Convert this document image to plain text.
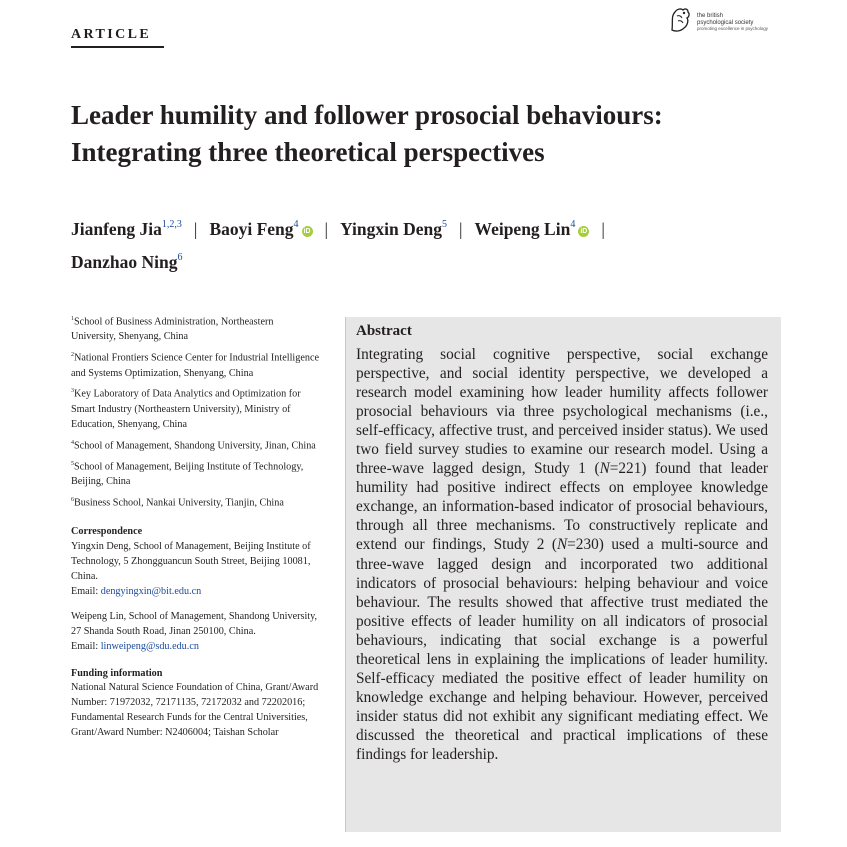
ARTICLE
the british
psychological society
promoting excellence in psychology
Leader humility and follower prosocial behaviours:
Integrating three theoretical perspectives
Jianfeng Jia$^{1,2,3}$ | Baoyi Feng$^4$iD | Yingxin Deng$^5$ | Weipeng Lin$^4$iD |
Danzhao Ning$^6$
$^1$School of Business Administration, Northeastern University, Shenyang, China
$^2$National Frontiers Science Center for Industrial Intelligence and Systems Optimization, Shenyang, China
$^3$Key Laboratory of Data Analytics and Optimization for Smart Industry (Northeastern University), Ministry of Education, Shenyang, China
$^4$School of Management, Shandong University, Jinan, China
$^5$School of Management, Beijing Institute of Technology, Beijing, China
$^6$Business School, Nankai University, Tianjin, China
Correspondence
Yingxin Deng, School of Management, Beijing Institute of Technology, 5 Zhongguancun South Street, Beijing 10081, China.
Email: dengyingxin@bit.edu.cn
Weipeng Lin, School of Management, Shandong University, 27 Shanda South Road, Jinan 250100, China.
Email: linweipeng@sdu.edu.cn
Funding information
National Natural Science Foundation of China, Grant/Award Number: 71972032, 72171135, 72172032 and 72202016; Fundamental Research Funds for the Central Universities, Grant/Award Number: N2406004; Taishan Scholar
Abstract
Integrating social cognitive perspective, social exchange perspective, and social identity perspective, we developed a research model examining how leader humility affects follower prosocial behaviours via three psychological mechanisms (i.e., self-efficacy, affective trust, and perceived insider status). We used two field survey studies to examine our research model. Using a three-wave lagged design, Study 1 (N=221) found that leader humility had positive indirect effects on employee knowledge exchange, an information-based indicator of prosocial behaviours, through all three mechanisms. To constructively replicate and extend our findings, Study 2 (N=230) used a multi-source and three-wave lagged design and incorporated two additional indicators of prosocial behaviours: helping behaviour and voice behaviour. The results showed that affective trust mediated the positive effects of leader humility on all indicators of prosocial behaviours, indicating that social exchange is a powerful theoretical lens in explaining the implications of leader humility. Self-efficacy mediated the positive effect of leader humility on knowledge exchange and helping behaviour. However, perceived insider status did not exhibit any significant mediating effect. We discussed the theoretical and practical implications of these findings for leadership.
